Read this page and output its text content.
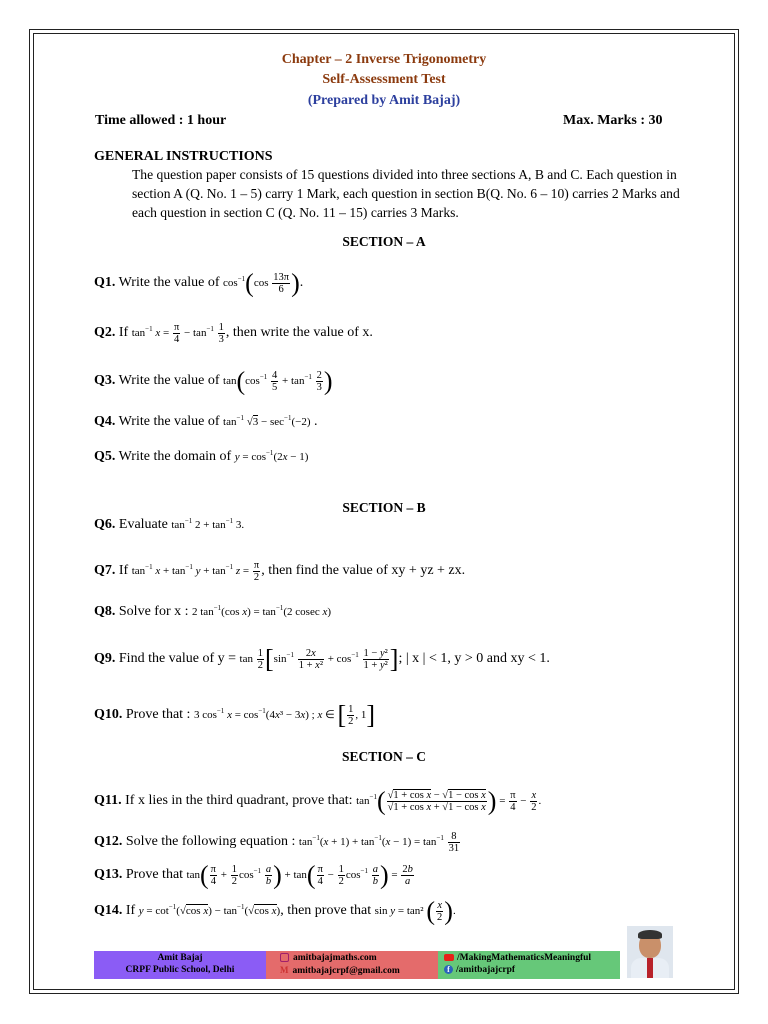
Chapter – 2 Inverse Trigonometry
Self-Assessment Test
(Prepared by Amit Bajaj)
Time allowed : 1 hour	Max. Marks : 30
GENERAL INSTRUCTIONS
The question paper consists of 15 questions divided into three sections A, B and C. Each question in section A (Q. No. 1 – 5) carry 1 Mark, each question in section B(Q. No. 6 – 10) carries 2 Marks and each question in section C (Q. No. 11 – 15) carries 3 Marks.
SECTION – A
Q1. Write the value of $\cos^{-1}(\cos \frac{13\pi}{6}$ ).
Q2. If $\tan^{-1} x = \frac{\pi}{4} - \tan^{-1} \frac{1}{3}$ , then write the value of x.
Q3. Write the value of $\tan(\cos^{-1} \frac{4}{5} + \tan^{-1} \frac{2}{3}$ )
Q4. Write the value of $\tan^{-1} √3 - \sec^{-1}(-2)$ .
Q5. Write the domain of $y = \cos^{-1}(2x - 1)$
SECTION – B
Q6. Evaluate $\tan^{-1} 2 + \tan^{-1} 3$.
Q7. If $\tan^{-1} x + \tan^{-1} y + \tan^{-1} z = \frac{\pi}{2}$ , then find the value of xy + yz + zx.
Q8. Solve for x : 2 $\tan^{-1}(\cos$ $x) = \tan^{-1}(2$ cosec x)
Q9. Find the value of $y = \tan \frac{1}{2} [\sin^{-1} \frac{2x}{\text{1 + x²}} + \cos^{-1} \frac{\text{1 − y²}}{\text{1 + y²}}$ ]; | x | < 1, y > 0 and xy < 1.
Q10. Prove that : 3 $\cos^{-1} x = \cos^{-1}(4x^3 - 3x)$ ; x ∈ [ $\frac{1}{2}$ , 1]
SECTION – C
Q11. If x lies in the third quadrant, prove that: $\tan^{-1}( \frac{\text{√1 + cos x − √1 − cos x}}{\text{√1 + cos x + √1 − cos x}}$ ) = $\frac{\pi}{4} - \frac{x}{2}$ .
Q12. Solve the following equation : $\tan^{-1}(x + 1) + \tan^{-1}(x - 1) = \tan^{-1} \frac{8}{31}$
Q13. Prove that $\tan( \frac{\pi}{4} + \frac{1}{2} \cos^{-1} \frac{a}{b}$ ) + $\tan( \frac{\pi}{4} - \frac{1}{2} \cos^{-1} \frac{a}{b}$ ) = $\frac{2b}{a}$
Q14. If $y = \cot^{-1}(√\cos$ $x) - \tan^{-1}(√\cos$ x), then prove that sin y = tan² ( $\frac{x}{2}$ ).
Amit Bajaj
CRPF Public School, Delhi
amitbajajmaths.com
M amitbajajcrpf@gmail.com
/MakingMathematicsMeaningful
f /amitbajajcrpf
